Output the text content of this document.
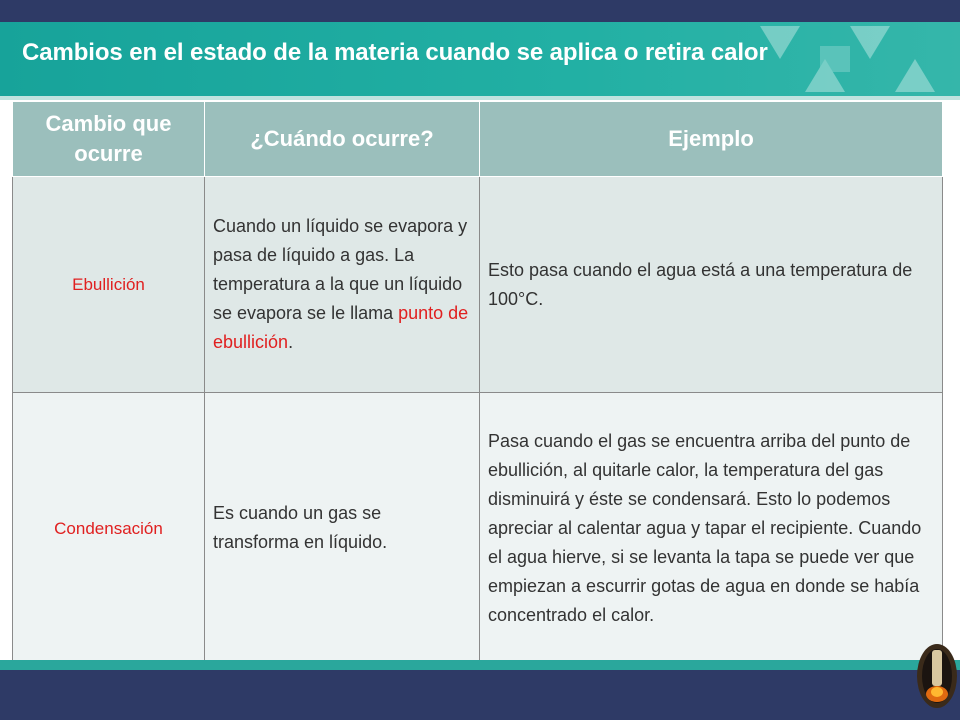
Cambios en el estado de la materia cuando se aplica o retira calor
Cambio que ocurre	¿Cuándo ocurre?	Ejemplo
Ebullición	Cuando un líquido se evapora y pasa de líquido a gas. La temperatura a la que un líquido se evapora se le llama punto de ebullición.	Esto pasa cuando el agua está a una temperatura de 100°C.
Condensación	Es cuando un gas se transforma en líquido.	Pasa cuando el gas se encuentra arriba del punto de ebullición, al quitarle calor, la temperatura del gas disminuirá y éste se condensará. Esto lo podemos apreciar al calentar agua y tapar el recipiente. Cuando el agua hierve, si se levanta la tapa se puede ver que empiezan a escurrir gotas de agua en donde se había concentrado el calor.
